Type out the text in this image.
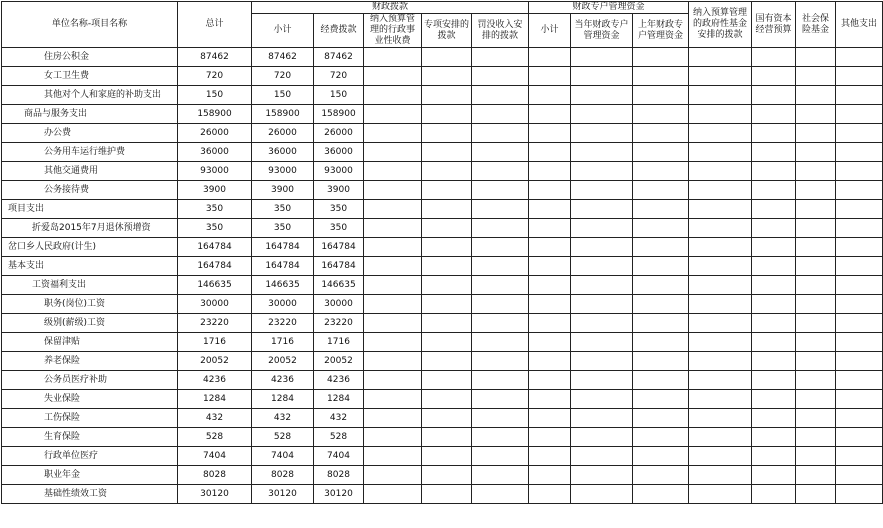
单位名称-项目名称	总计	财政拨款					财政专户管理资金			纳入预算管理的政府性基金安排的拨款	国有资本经营预算	社会保险基金	其他支出
		小计	经费拨款	纳入预算管理的行政事业性收费	专项安排的拨款	罚没收入安排的拨款	小计	当年财政专户管理资金	上年财政专户管理资金				
住房公积金	87462	87462	87462										
女工卫生费	720	720	720										
其他对个人和家庭的补助支出	150	150	150										
商品与服务支出	158900	158900	158900										
办公费	26000	26000	26000										
公务用车运行维护费	36000	36000	36000										
其他交通费用	93000	93000	93000										
公务接待费	3900	3900	3900										
项目支出	350	350	350										
折爱岛2015年7月退休预增资	350	350	350										
岔口乡人民政府(计生)	164784	164784	164784										
基本支出	164784	164784	164784										
工资福利支出	146635	146635	146635										
职务(岗位)工资	30000	30000	30000										
级别(薪级)工资	23220	23220	23220										
保留津贴	1716	1716	1716										
养老保险	20052	20052	20052										
公务员医疗补助	4236	4236	4236										
失业保险	1284	1284	1284										
工伤保险	432	432	432										
生育保险	528	528	528										
行政单位医疗	7404	7404	7404										
职业年金	8028	8028	8028										
基础性绩效工资	30120	30120	30120										
